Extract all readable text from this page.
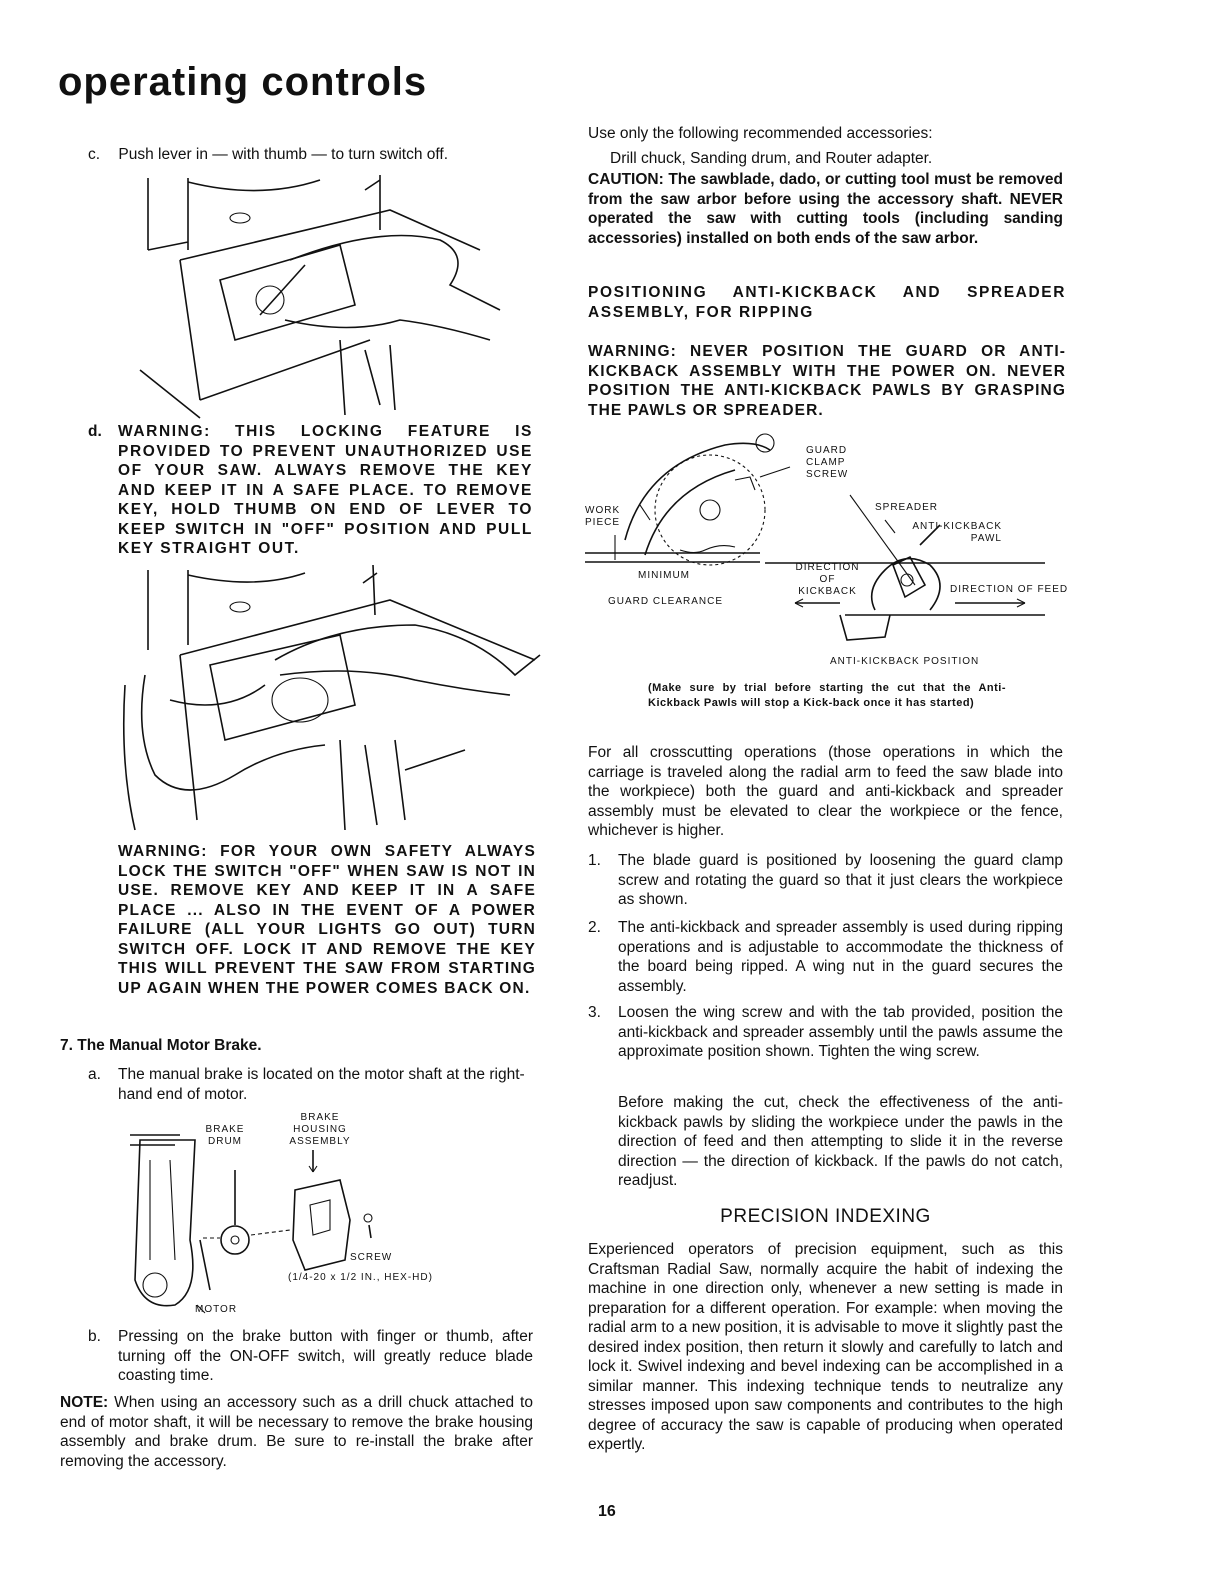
operating controls
c. Push lever in — with thumb — to turn switch off.
d. WARNING: THIS LOCKING FEATURE IS PROVIDED TO PREVENT UNAUTHORIZED USE OF YOUR SAW. ALWAYS REMOVE THE KEY AND KEEP IT IN A SAFE PLACE. TO REMOVE KEY, HOLD THUMB ON END OF LEVER TO KEEP SWITCH IN "OFF" POSITION AND PULL KEY STRAIGHT OUT.
WARNING: FOR YOUR OWN SAFETY ALWAYS LOCK THE SWITCH "OFF" WHEN SAW IS NOT IN USE. REMOVE KEY AND KEEP IT IN A SAFE PLACE ... ALSO IN THE EVENT OF A POWER FAILURE (ALL YOUR LIGHTS GO OUT) TURN SWITCH OFF. LOCK IT AND REMOVE THE KEY THIS WILL PREVENT THE SAW FROM STARTING UP AGAIN WHEN THE POWER COMES BACK ON.
7. The Manual Motor Brake.
a. The manual brake is located on the motor shaft at the right-hand end of motor.
BRAKE DRUM
BRAKE HOUSING ASSEMBLY
SCREW
(1/4-20 x 1/2 IN., HEX-HD)
MOTOR
b. Pressing on the brake button with finger or thumb, after turning off the ON-OFF switch, will greatly reduce blade coasting time.
NOTE: When using an accessory such as a drill chuck attached to end of motor shaft, it will be necessary to remove the brake housing assembly and brake drum. Be sure to re-install the brake after removing the accessory.
Use only the following recommended accessories:
Drill chuck, Sanding drum, and Router adapter.
CAUTION: The sawblade, dado, or cutting tool must be removed from the saw arbor before using the accessory shaft. NEVER operated the saw with cutting tools (including sanding accessories) installed on both ends of the saw arbor.
POSITIONING ANTI-KICKBACK AND SPREADER ASSEMBLY, FOR RIPPING
WARNING: NEVER POSITION THE GUARD OR ANTI-KICKBACK ASSEMBLY WITH THE POWER ON. NEVER POSITION THE ANTI-KICKBACK PAWLS BY GRASPING THE PAWLS OR SPREADER.
GUARD CLAMP SCREW
WORK PIECE
MINIMUM
GUARD CLEARANCE
SPREADER
ANTI-KICKBACK PAWL
DIRECTION OF KICKBACK	DIRECTION OF FEED
ANTI-KICKBACK POSITION
(Make sure by trial before starting the cut that the Anti-Kickback Pawls will stop a Kick-back once it has started)
For all crosscutting operations (those operations in which the carriage is traveled along the radial arm to feed the saw blade into the workpiece) both the guard and anti-kickback and spreader assembly must be elevated to clear the workpiece or the fence, whichever is higher.
1. The blade guard is positioned by loosening the guard clamp screw and rotating the guard so that it just clears the workpiece as shown.
2. The anti-kickback and spreader assembly is used during ripping operations and is adjustable to accommodate the thickness of the board being ripped. A wing nut in the guard secures the assembly.
3. Loosen the wing screw and with the tab provided, position the anti-kickback and spreader assembly until the pawls assume the approximate position shown. Tighten the wing screw.
Before making the cut, check the effectiveness of the anti-kickback pawls by sliding the workpiece under the pawls in the direction of feed and then attempting to slide it in the reverse direction — the direction of kickback. If the pawls do not catch, readjust.
PRECISION INDEXING
Experienced operators of precision equipment, such as this Craftsman Radial Saw, normally acquire the habit of indexing the machine in one direction only, whenever a new setting is made in preparation for a different operation. For example: when moving the radial arm to a new position, it is advisable to move it slightly past the desired index position, then return it slowly and carefully to latch and lock it. Swivel indexing and bevel indexing can be accomplished in a similar manner. This indexing technique tends to neutralize any stresses imposed upon saw components and contributes to the high degree of accuracy the saw is capable of producing when operated expertly.
16
